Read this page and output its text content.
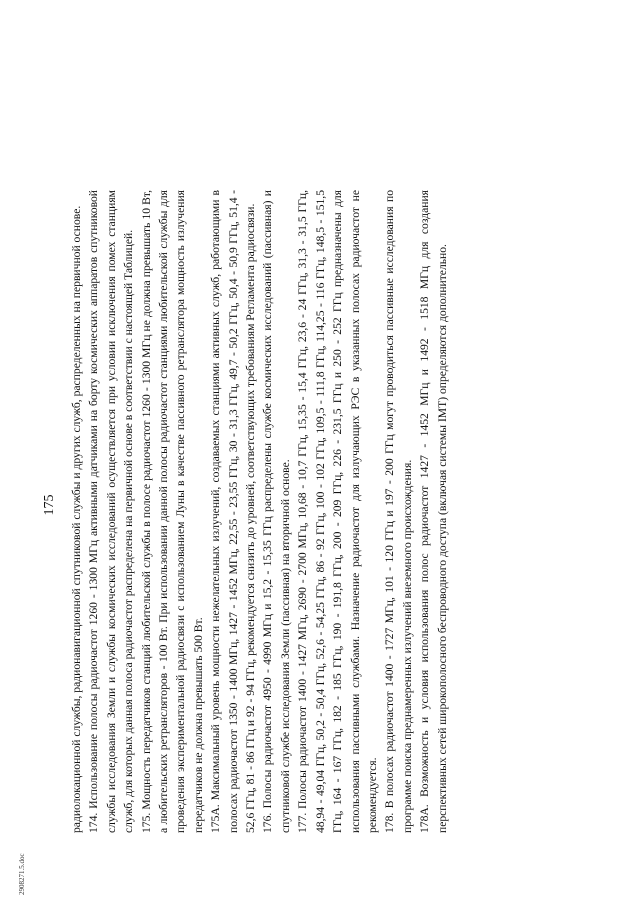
175 радиолокационной службы, радионавигационной спутниковой службы и других служб, распределенных на первичной основе. 174. Использование полосы радиочастот 1260 - 1300 МГц активными датчиками на борту космических аппаратов спутниковой службы исследования Земли и службы космических исследований осуществляется при условии исключения помех станциям служб, для которых данная полоса радиочастот распределена на первичной основе в соответствии с настоящей Таблицей. 175. Мощность передатчиков станций любительской службы в полосе радиочастот 1260 - 1300 МГц не должна превышать 10 Вт, а любительских ретрансляторов - 100 Вт. При использовании данной полосы радиочастот станциями любительской службы для проведения экспериментальной радиосвязи с использованием Луны в качестве пассивного ретранслятора мощность излучения передатчиков не должна превышать 500 Вт. 175А. Максимальный уровень мощности нежелательных излучений, создаваемых станциями активных служб, работающими в полосах радиочастот 1350 - 1400 МГц, 1427 - 1452 МГц, 22,55 - 23,55 ГГц, 30 - 31,3 ГГц, 49,7 - 50,2 ГГц, 50,4 - 50,9 ГГц, 51,4 - 52,6 ГГц, 81 - 86 ГГц и 92 - 94 ГГц, рекомендуется снизить до уровней, соответствующих требованиям Регламента радиосвязи. 176. Полосы радиочастот 4950 - 4990 МГц и 15,2 - 15,35 ГГц распределены службе космических исследований (пассивная) и спутниковой службе исследования Земли (пассивная) на вторичной основе. 177. Полосы радиочастот 1400 - 1427 МГц, 2690 - 2700 МГц, 10,68 - 10,7 ГГц, 15,35 - 15,4 ГГц, 23,6 - 24 ГГц, 31,3 - 31,5 ГГц, 48,94 - 49,04 ГГц, 50,2 - 50,4 ГГц, 52,6 - 54,25 ГГц, 86 - 92 ГГц, 100 - 102 ГГц, 109,5 - 111,8 ГГц, 114,25 - 116 ГГц, 148,5 - 151,5 ГГц, 164 - 167 ГГц, 182 - 185 ГГц, 190 - 191,8 ГГц, 200 - 209 ГГц, 226 - 231,5 ГГц и 250 - 252 ГГц предназначены для использования пассивными службами. Назначение радиочастот для излучающих РЭС в указанных полосах радиочастот не рекомендуется. 178. В полосах радиочастот 1400 - 1727 МГц, 101 - 120 ГГц и 197 - 200 ГГц могут проводиться пассивные исследования по программе поиска преднамеренных излучений внеземного происхождения. 178А. Возможность и условия использования полос радиочастот 1427 - 1452 МГц и 1492 - 1518 МГц для создания перспективных сетей широкополосного беспроводного доступа (включая системы IMT) определяются дополнительно.

2908271.5.doc
